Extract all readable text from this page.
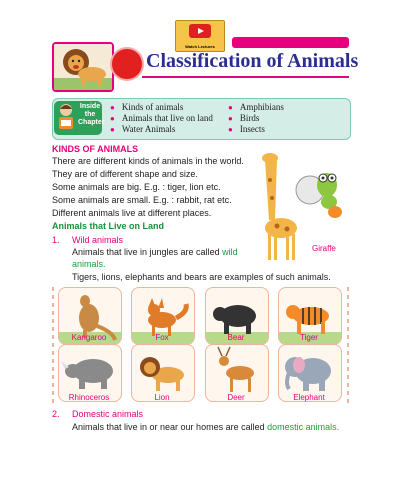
Watch Lectures
Classification of Animals
Inside
the
Chapter
● Kinds of animals
● Animals that live on land
● Water Animals
● Amphibians
● Birds
● Insects
KINDS OF ANIMALS
There are different kinds of animals in the world.
They are of different shape and size.
Some animals are big. E.g. : tiger, lion etc.
Some animals are small. E.g. : rabbit, rat etc.
Different animals live at different places.
Giraffe
Animals that Live on Land
1. Wild animals
Animals that live in jungles are called wild
animals.
Tigers, lions, elephants and bears are examples of such animals.
Kangaroo	Fox	Bear	Tiger
Rhinoceros	Lion	Deer	Elephant
2. Domestic animals
Animals that live in or near our homes are called domestic animals.
